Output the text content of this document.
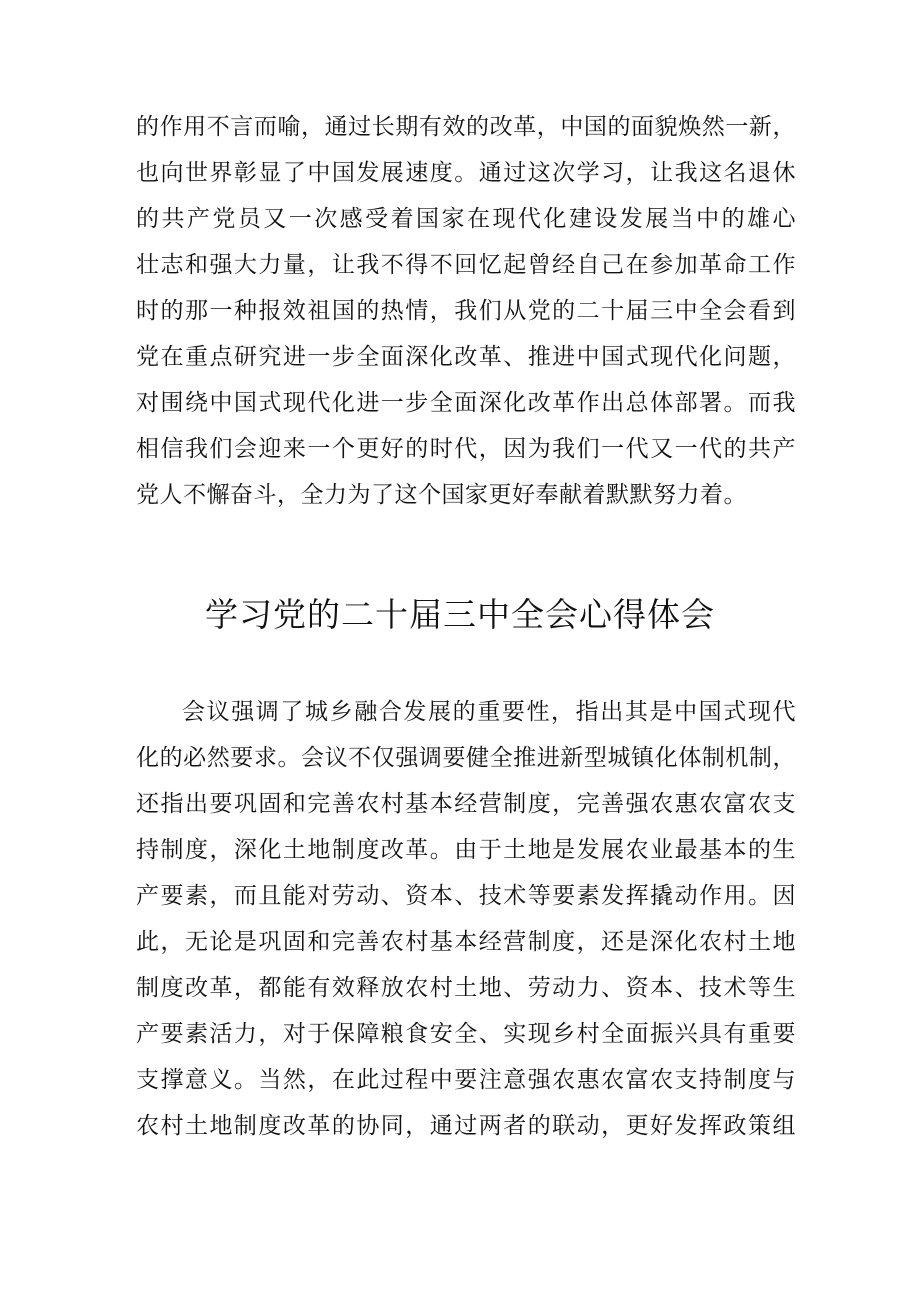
的作用不言而喻，通过长期有效的改革，中国的面貌焕然一新，
也向世界彰显了中国发展速度。通过这次学习，让我这名退休
的共产党员又一次感受着国家在现代化建设发展当中的雄心
壮志和强大力量，让我不得不回忆起曾经自己在参加革命工作
时的那一种报效祖国的热情，我们从党的二十届三中全会看到
党在重点研究进一步全面深化改革、推进中国式现代化问题，
对围绕中国式现代化进一步全面深化改革作出总体部署。而我
相信我们会迎来一个更好的时代，因为我们一代又一代的共产
党人不懈奋斗，全力为了这个国家更好奉献着默默努力着。
学习党的二十届三中全会心得体会
会议强调了城乡融合发展的重要性，指出其是中国式现代
化的必然要求。会议不仅强调要健全推进新型城镇化体制机制，
还指出要巩固和完善农村基本经营制度，完善强农惠农富农支
持制度，深化土地制度改革。由于土地是发展农业最基本的生
产要素，而且能对劳动、资本、技术等要素发挥撬动作用。因
此，无论是巩固和完善农村基本经营制度，还是深化农村土地
制度改革，都能有效释放农村土地、劳动力、资本、技术等生
产要素活力，对于保障粮食安全、实现乡村全面振兴具有重要
支撑意义。当然，在此过程中要注意强农惠农富农支持制度与
农村土地制度改革的协同，通过两者的联动，更好发挥政策组
